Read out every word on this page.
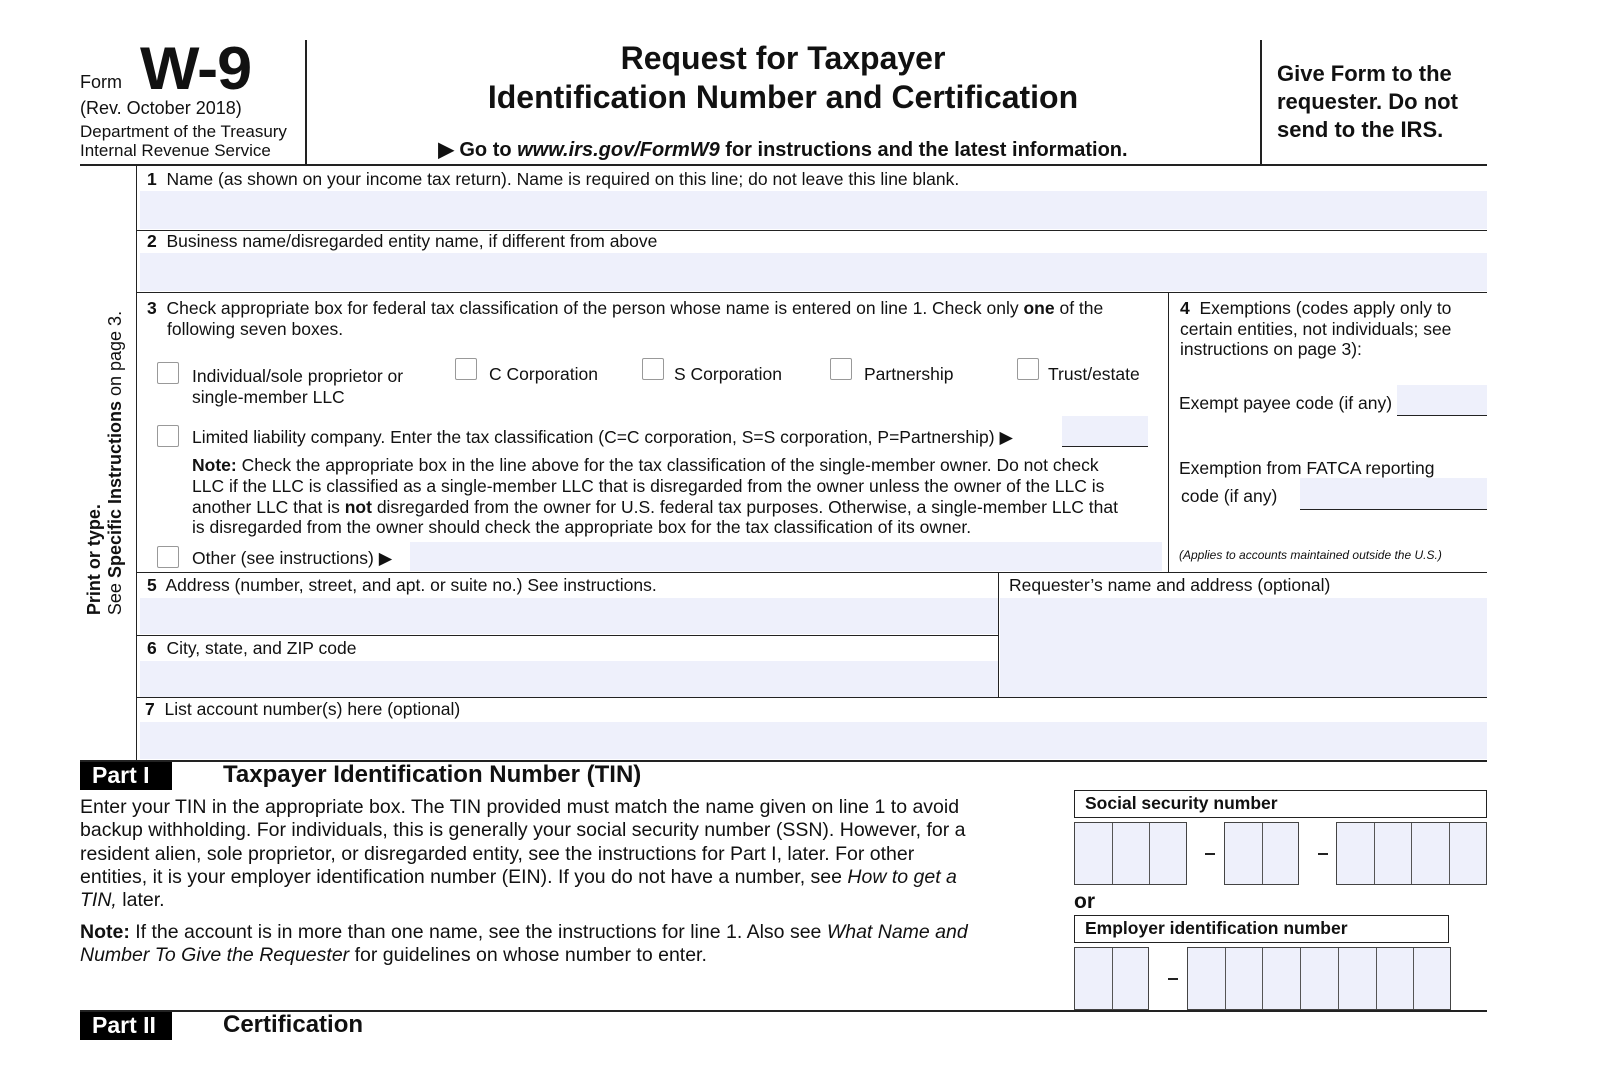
Form W-9
(Rev. October 2018)
Department of the Treasury
Internal Revenue Service
Request for Taxpayer
Identification Number and Certification
▶ Go to www.irs.gov/FormW9 for instructions and the latest information.
Give Form to the
requester. Do not
send to the IRS.
Print or type.
See Specific Instructions on page 3.
1 Name (as shown on your income tax return). Name is required on this line; do not leave this line blank.
2 Business name/disregarded entity name, if different from above
3 Check appropriate box for federal tax classification of the person whose name is entered on line 1. Check only one of the
following seven boxes.
Individual/sole proprietor or
single-member LLC
C Corporation	S Corporation	Partnership	Trust/estate
Limited liability company. Enter the tax classification (C=C corporation, S=S corporation, P=Partnership) ▶
Note: Check the appropriate box in the line above for the tax classification of the single-member owner. Do not check
LLC if the LLC is classified as a single-member LLC that is disregarded from the owner unless the owner of the LLC is
another LLC that is not disregarded from the owner for U.S. federal tax purposes. Otherwise, a single-member LLC that
is disregarded from the owner should check the appropriate box for the tax classification of its owner.
Other (see instructions) ▶
4 Exemptions (codes apply only to
certain entities, not individuals; see
instructions on page 3):
Exempt payee code (if any)
Exemption from FATCA reporting
code (if any)
(Applies to accounts maintained outside the U.S.)
5 Address (number, street, and apt. or suite no.) See instructions.	Requester’s name and address (optional)
6 City, state, and ZIP code
7 List account number(s) here (optional)
Part I	Taxpayer Identification Number (TIN)
Enter your TIN in the appropriate box. The TIN provided must match the name given on line 1 to avoid
backup withholding. For individuals, this is generally your social security number (SSN). However, for a
resident alien, sole proprietor, or disregarded entity, see the instructions for Part I, later. For other
entities, it is your employer identification number (EIN). If you do not have a number, see How to get a
TIN, later.
Note: If the account is in more than one name, see the instructions for line 1. Also see What Name and
Number To Give the Requester for guidelines on whose number to enter.
Social security number
or
Employer identification number
Part II	Certification
